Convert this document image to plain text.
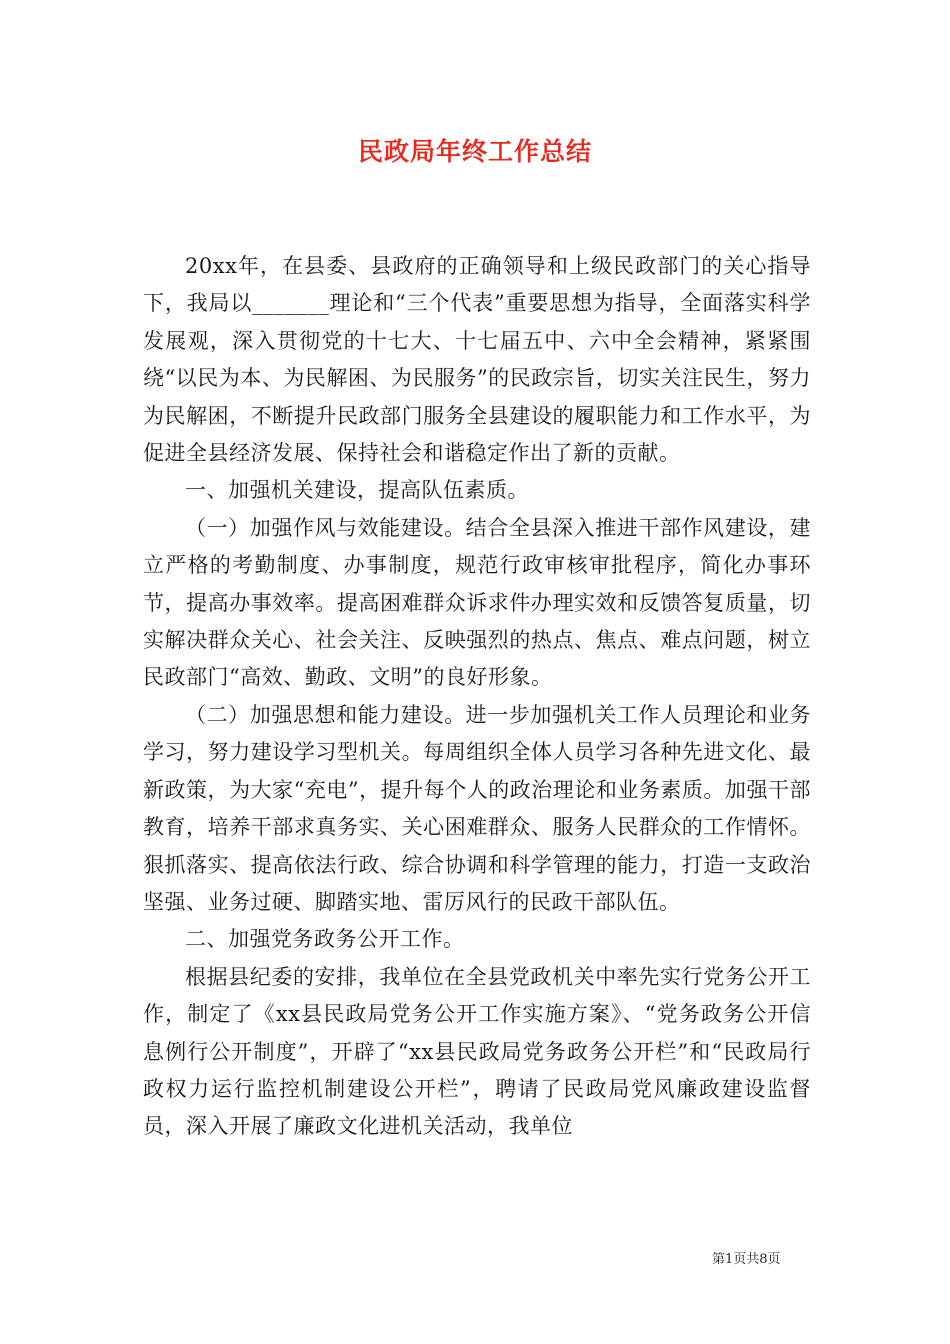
民政局年终工作总结

20xx年，在县委、县政府的正确领导和上级民政部门的关心指导下，我局以_______理论和“三个代表”重要思想为指导，全面落实科学发展观，深入贯彻党的十七大、十七届五中、六中全会精神，紧紧围绕“以民为本、为民解困、为民服务”的民政宗旨，切实关注民生，努力为民解困，不断提升民政部门服务全县建设的履职能力和工作水平，为促进全县经济发展、保持社会和谐稳定作出了新的贡献。

一、加强机关建设，提高队伍素质。

（一）加强作风与效能建设。结合全县深入推进干部作风建设，建立严格的考勤制度、办事制度，规范行政审核审批程序，简化办事环节，提高办事效率。提高困难群众诉求件办理实效和反馈答复质量，切实解决群众关心、社会关注、反映强烈的热点、焦点、难点问题，树立民政部门“高效、勤政、文明”的良好形象。

（二）加强思想和能力建设。进一步加强机关工作人员理论和业务学习，努力建设学习型机关。每周组织全体人员学习各种先进文化、最新政策，为大家“充电”，提升每个人的政治理论和业务素质。加强干部教育，培养干部求真务实、关心困难群众、服务人民群众的工作情怀。狠抓落实、提高依法行政、综合协调和科学管理的能力，打造一支政治坚强、业务过硬、脚踏实地、雷厉风行的民政干部队伍。

二、加强党务政务公开工作。

根据县纪委的安排，我单位在全县党政机关中率先实行党务公开工作，制定了《xx县民政局党务公开工作实施方案》、“党务政务公开信息例行公开制度”，开辟了“xx县民政局党务政务公开栏”和“民政局行政权力运行监控机制建设公开栏”，聘请了民政局党风廉政建设监督员，深入开展了廉政文化进机关活动，我单位

第1页共8页
